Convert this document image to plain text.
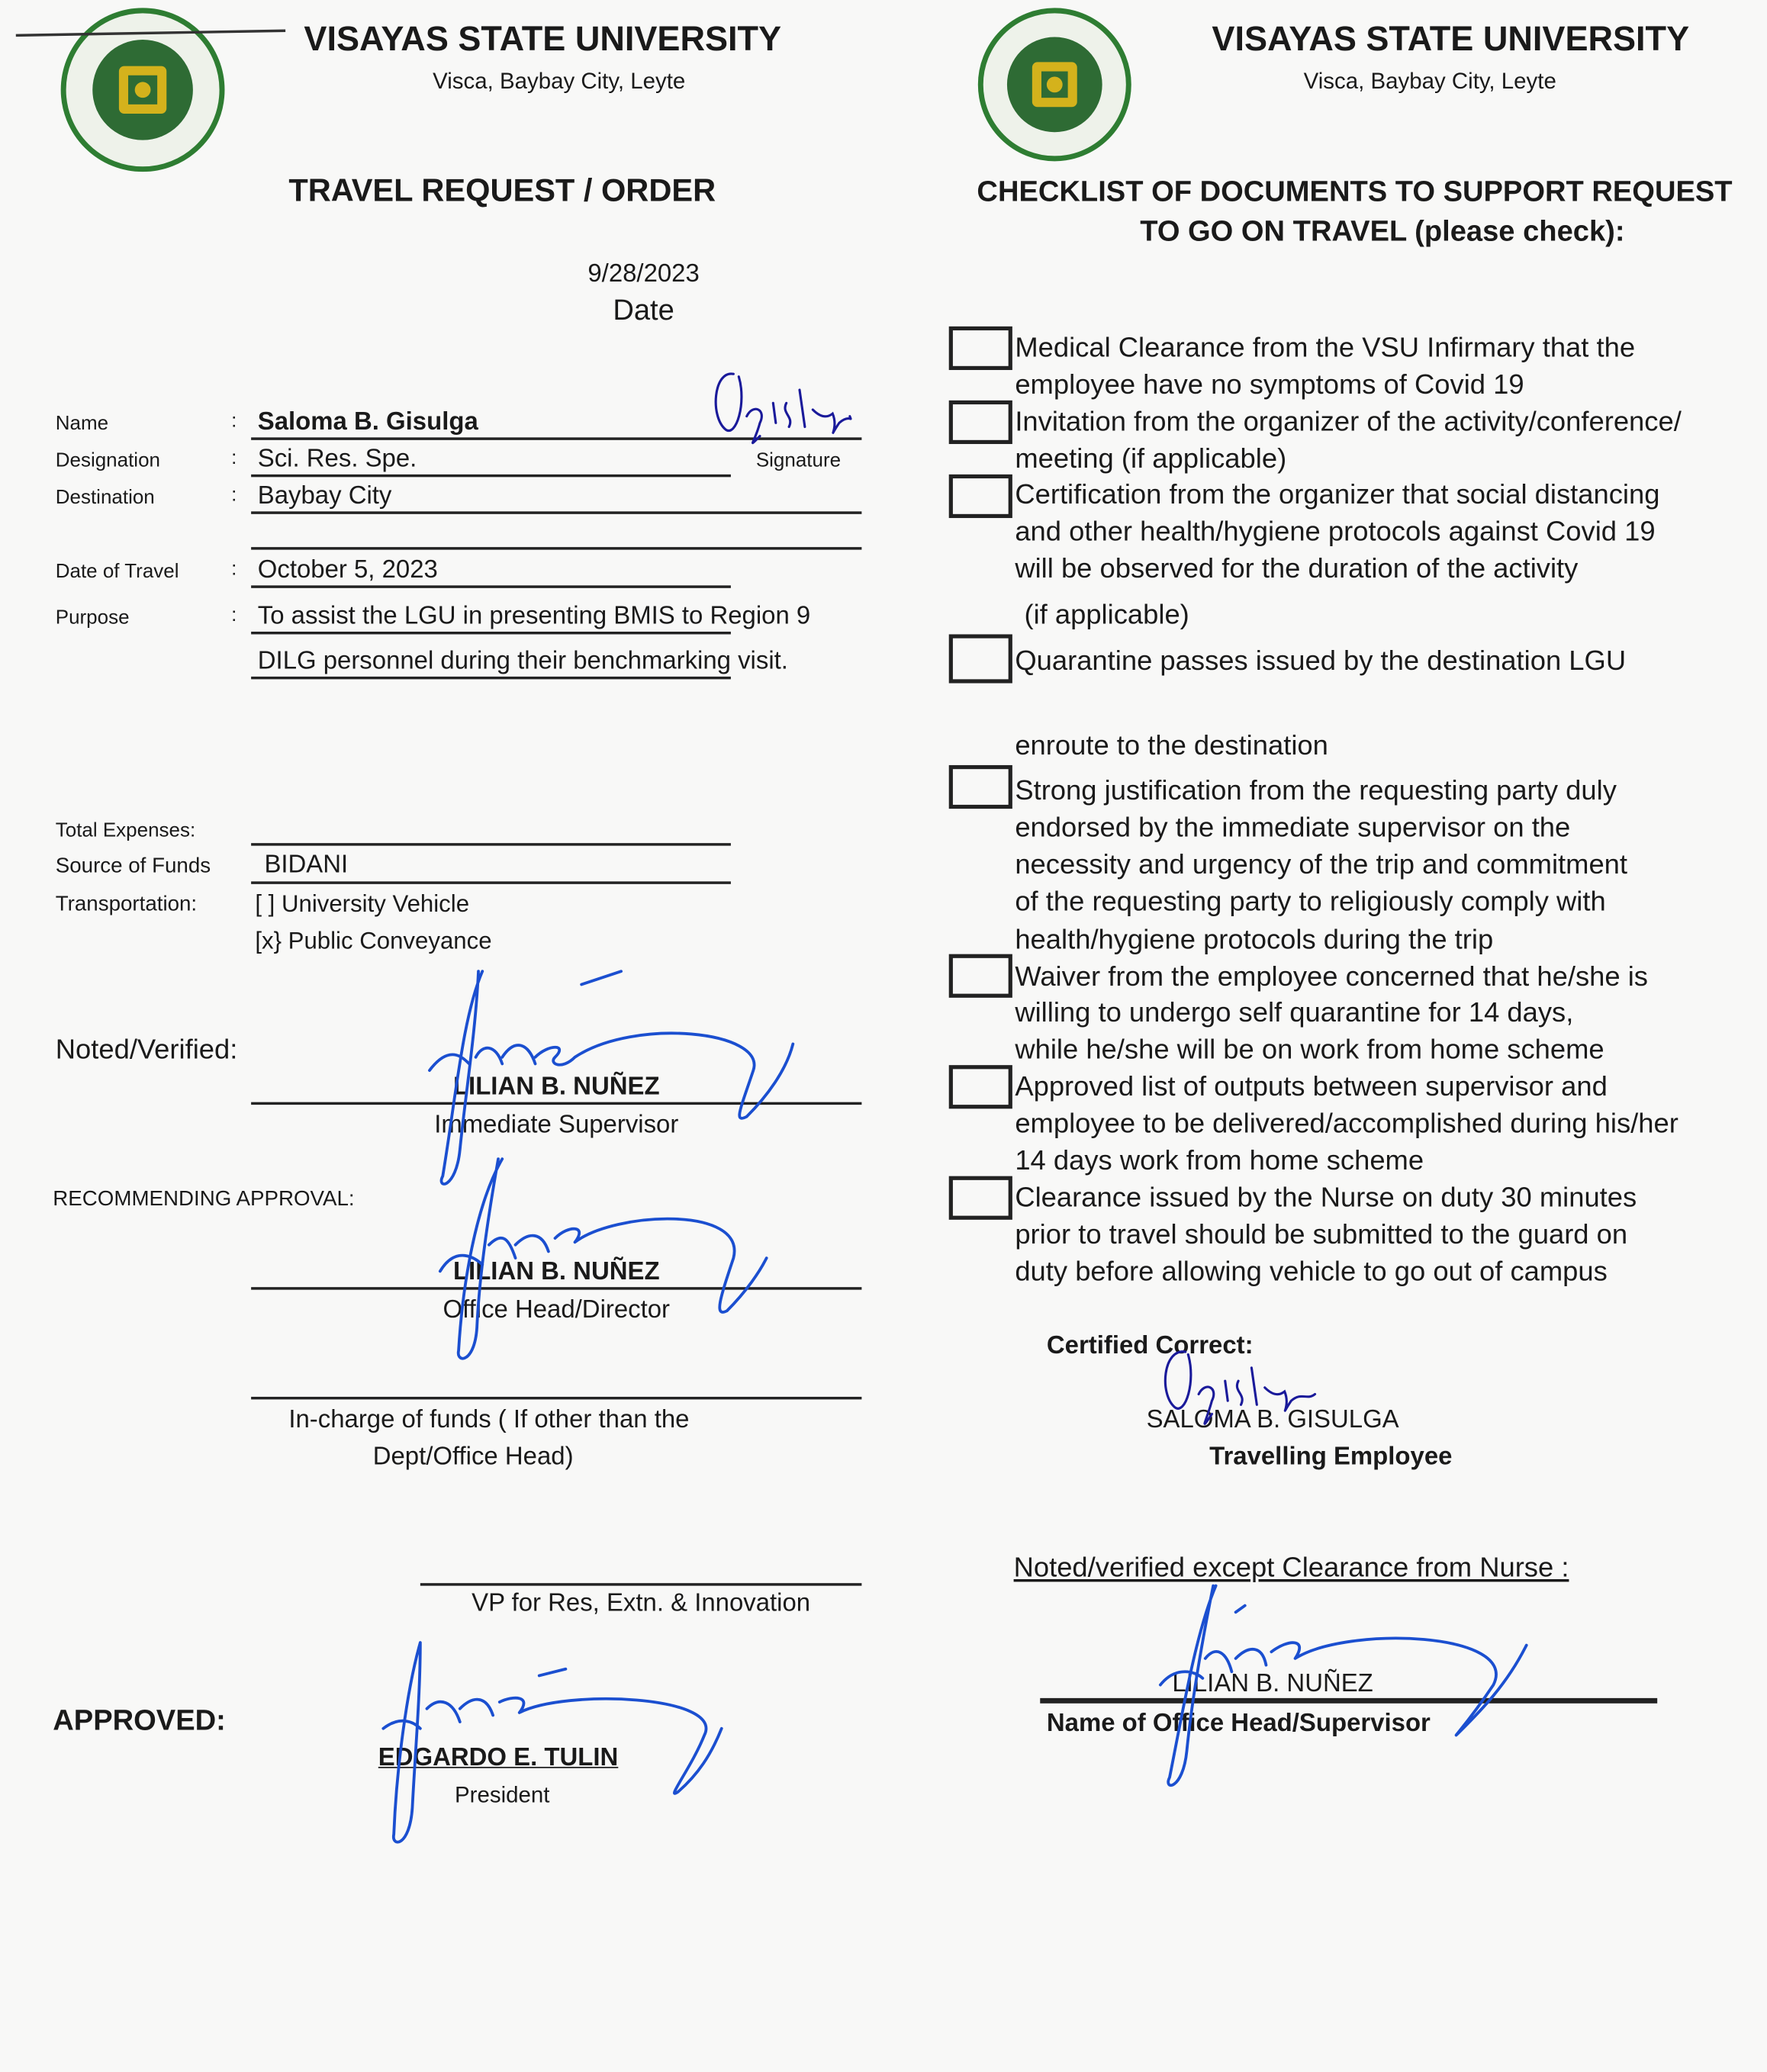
VISAYAS STATE UNIVERSITY
Visca, Baybay City, Leyte
VISAYAS STATE UNIVERSITY
Visca, Baybay City, Leyte
TRAVEL REQUEST / ORDER
9/28/2023
Date
Name	: Saloma B. Gisulga
Designation	: Sci. Res. Spe.	Signature
Destination	: Baybay City
Date of Travel	: October 5, 2023
Purpose	: To assist the LGU in presenting BMIS to Region 9
DILG personnel during their benchmarking visit.
Total Expenses:
Source of Funds	BIDANI
Transportation:	[ ] University Vehicle
[x} Public Conveyance
Noted/Verified:
LILIAN B. NUÑEZ
Immediate Supervisor
RECOMMENDING APPROVAL:
LILIAN B. NUÑEZ
Office Head/Director
In-charge of funds ( If other than the
Dept/Office Head)
VP for Res, Extn. & Innovation
APPROVED:
EDGARDO E. TULIN
President
CHECKLIST OF DOCUMENTS TO SUPPORT REQUEST
TO GO ON TRAVEL (please check):
Medical Clearance from the VSU Infirmary that the
employee have no symptoms of Covid 19
Invitation from the organizer of the activity/conference/
meeting (if applicable)
Certification from the organizer that social distancing
and other health/hygiene protocols against Covid 19
will be observed for the duration of the activity
(if applicable)
Quarantine passes issued by the destination LGU
enroute to the destination
Strong justification from the requesting party duly
endorsed by the immediate supervisor on the
necessity and urgency of the trip and commitment
of the requesting party to religiously comply with
health/hygiene protocols during the trip
Waiver from the employee concerned that he/she is
willing to undergo self quarantine for 14 days,
while he/she will be on work from home scheme
Approved list of outputs between supervisor and
employee to be delivered/accomplished during his/her
14 days work from home scheme
Clearance issued by the Nurse on duty 30 minutes
prior to travel should be submitted to the guard on
duty before allowing vehicle to go out of campus
Certified Correct:
SALOMA B. GISULGA
Travelling Employee
Noted/verified except Clearance from Nurse :
LILIAN B. NUÑEZ
Name of Office Head/Supervisor
